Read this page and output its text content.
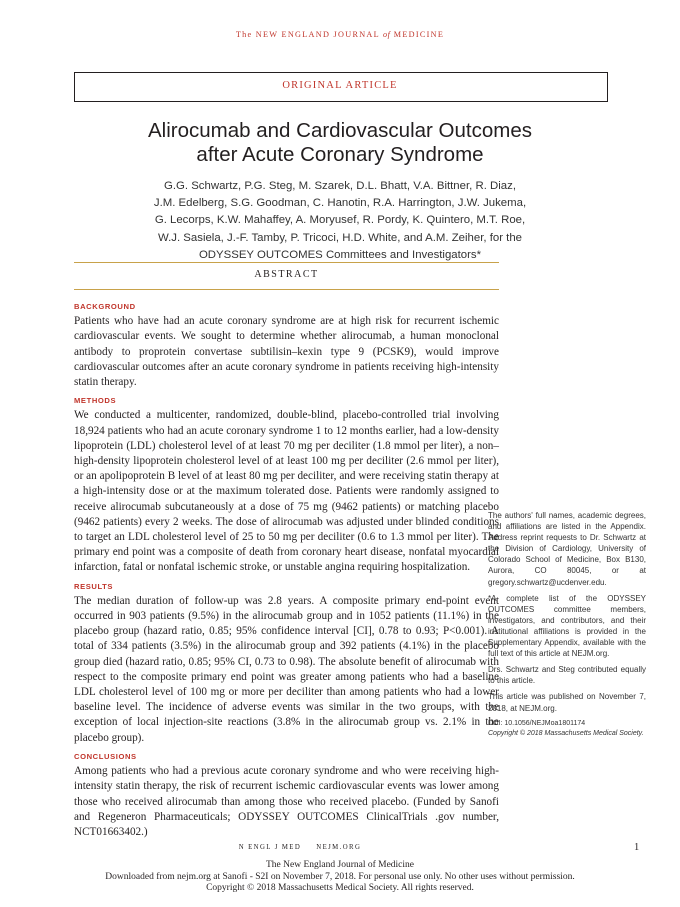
The NEW ENGLAND JOURNAL of MEDICINE
ORIGINAL ARTICLE
Alirocumab and Cardiovascular Outcomes
after Acute Coronary Syndrome
G.G. Schwartz, P.G. Steg, M. Szarek, D.L. Bhatt, V.A. Bittner, R. Diaz,
J.M. Edelberg, S.G. Goodman, C. Hanotin, R.A. Harrington, J.W. Jukema,
G. Lecorps, K.W. Mahaffey, A. Moryusef, R. Pordy, K. Quintero, M.T. Roe,
W.J. Sasiela, J.-F. Tamby, P. Tricoci, H.D. White, and A.M. Zeiher, for the
ODYSSEY OUTCOMES Committees and Investigators*
ABSTRACT
BACKGROUND

Patients who have had an acute coronary syndrome are at high risk for recurrent ischemic cardiovascular events. We sought to determine whether alirocumab, a human monoclonal antibody to proprotein convertase subtilisin–kexin type 9 (PCSK9), would improve cardiovascular outcomes after an acute coronary syndrome in patients receiving high-intensity statin therapy.

METHODS

We conducted a multicenter, randomized, double-blind, placebo-controlled trial involving 18,924 patients who had an acute coronary syndrome 1 to 12 months earlier, had a low-density lipoprotein (LDL) cholesterol level of at least 70 mg per deciliter (1.8 mmol per liter), a non–high-density lipoprotein cholesterol level of at least 100 mg per deciliter (2.6 mmol per liter), or an apolipoprotein B level of at least 80 mg per deciliter, and were receiving statin therapy at a high-intensity dose or at the maximum tolerated dose. Patients were randomly assigned to receive alirocumab subcutaneously at a dose of 75 mg (9462 patients) or matching placebo (9462 patients) every 2 weeks. The dose of alirocumab was adjusted under blinded conditions to target an LDL cholesterol level of 25 to 50 mg per deciliter (0.6 to 1.3 mmol per liter). The primary end point was a composite of death from coronary heart disease, nonfatal myocardial infarction, fatal or nonfatal ischemic stroke, or unstable angina requiring hospitalization.

RESULTS

The median duration of follow-up was 2.8 years. A composite primary end-point event occurred in 903 patients (9.5%) in the alirocumab group and in 1052 patients (11.1%) in the placebo group (hazard ratio, 0.85; 95% confidence interval [CI], 0.78 to 0.93; P<0.001). A total of 334 patients (3.5%) in the alirocumab group and 392 patients (4.1%) in the placebo group died (hazard ratio, 0.85; 95% CI, 0.73 to 0.98). The absolute benefit of alirocumab with respect to the composite primary end point was greater among patients who had a baseline LDL cholesterol level of 100 mg or more per deciliter than among patients who had a lower baseline level. The incidence of adverse events was similar in the two groups, with the exception of local injection-site reactions (3.8% in the alirocumab group vs. 2.1% in the placebo group).

CONCLUSIONS

Among patients who had a previous acute coronary syndrome and who were receiving high-intensity statin therapy, the risk of recurrent ischemic cardiovascular events was lower among those who received alirocumab than among those who received placebo. (Funded by Sanofi and Regeneron Pharmaceuticals; ODYSSEY OUTCOMES ClinicalTrials .gov number, NCT01663402.)

The authors' full names, academic degrees, and affiliations are listed in the Appendix. Address reprint requests to Dr. Schwartz at the Division of Cardiology, University of Colorado School of Medicine, Box B130, Aurora, CO 80045, or at gregory.schwartz@ucdenver.edu.

*A complete list of the ODYSSEY OUTCOMES committee members, investigators, and contributors, and their institutional affiliations is provided in the Supplementary Appendix, available with the full text of this article at NEJM.org.

Drs. Schwartz and Steg contributed equally to this article.

This article was published on November 7, 2018, at NEJM.org.

DOI: 10.1056/NEJMoa1801174

Copyright © 2018 Massachusetts Medical Society.

N ENGL J MED NEJM.ORG	1
The New England Journal of Medicine
Downloaded from nejm.org at Sanofi - S2I on November 7, 2018. For personal use only. No other uses without permission.
Copyright © 2018 Massachusetts Medical Society. All rights reserved.
